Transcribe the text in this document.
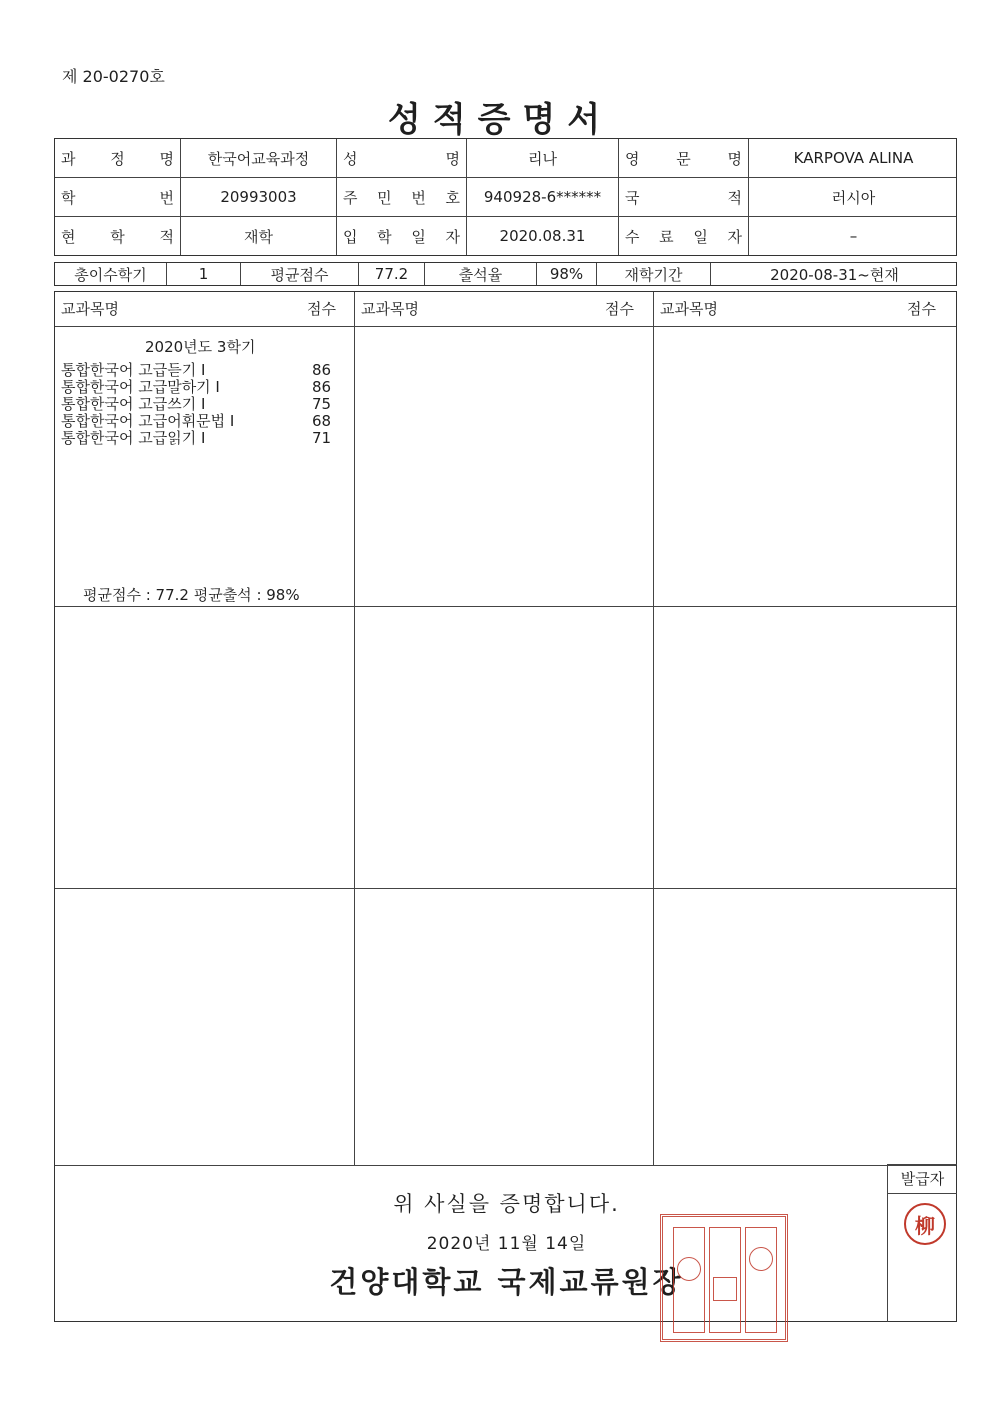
제 20-0270호
성적증명서
과 정 명	한국어교육과정	성	명	리나	영 문 명	KARPOVA ALINA
학	번	20993003	주 민 번 호	940928-6******	국	적	러시아
현 학 적	재학	입 학 일 자	2020.08.31	수 료 일 자	–
총이수학기	1	평균점수	77.2	출석율	98%	재학기간	2020-08-31~현재
교과목명	점수 교과목명	점수 교과목명	점수
2020년도 3학기
통합한국어 고급듣기 I	86
통합한국어 고급말하기 I	86
통합한국어 고급쓰기 I	75
통합한국어 고급어휘문법 I	68
통합한국어 고급읽기 I	71
평균점수 : 77.2 평균출석 : 98%
위 사실을 증명합니다.
2020년 11월 14일
건양대학교 국제교류원장
발급자
柳
